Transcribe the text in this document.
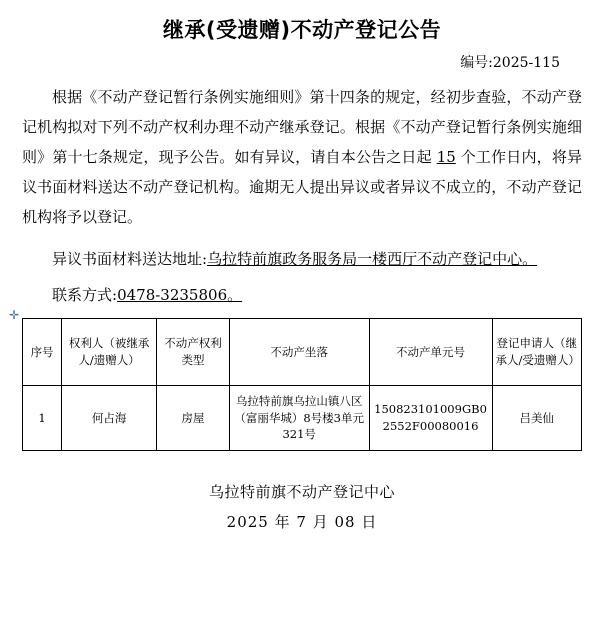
继承(受遗赠)不动产登记公告
编号:2025-115

根据《不动产登记暂行条例实施细则》第十四条的规定，经初步查验，不动产登记机构拟对下列不动产权利办理不动产继承登记。根据《不动产登记暂行条例实施细则》第十七条规定，现予公告。如有异议，请自本公告之日起 15 个工作日内，将异议书面材料送达不动产登记机构。逾期无人提出异议或者异议不成立的，不动产登记机构将予以登记。

异议书面材料送达地址:乌拉特前旗政务服务局一楼西厅不动产登记中心。

联系方式:0478-3235806。

✛
序号	权利人（被继承人/遗赠人）	不动产权利类型	不动产坐落	不动产单元号	登记申请人（继承人/受遗赠人）
1	何占海	房屋	乌拉特前旗乌拉山镇八区（富丽华城）8号楼3单元321号	150823101009GB02552F00080016	吕美仙
乌拉特前旗不动产登记中心
2025 年 7 月 08 日
